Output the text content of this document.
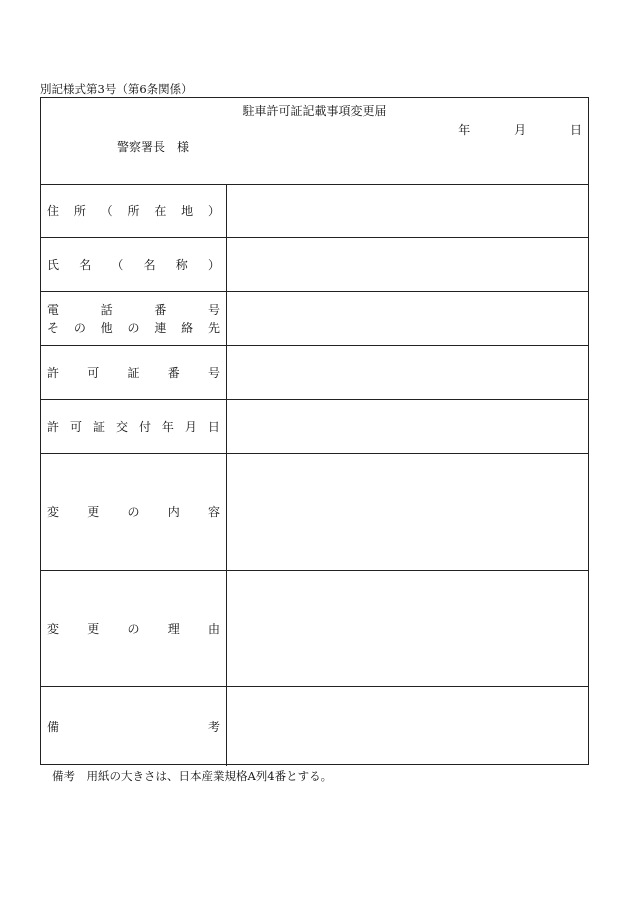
別記様式第3号（第6条関係）
駐車許可証記載事項変更届
年	月	日
警察署長 様
住 所 （ 所 在 地 ）
氏 名 （ 名 称 ）
電	話	番	号
そ の 他 の 連 絡 先
許 可 証 番 号
許 可 証 交 付 年 月 日
変 更 の 内 容
変 更 の 理 由
備	考
備考　用紙の大きさは、日本産業規格A列4番とする。
